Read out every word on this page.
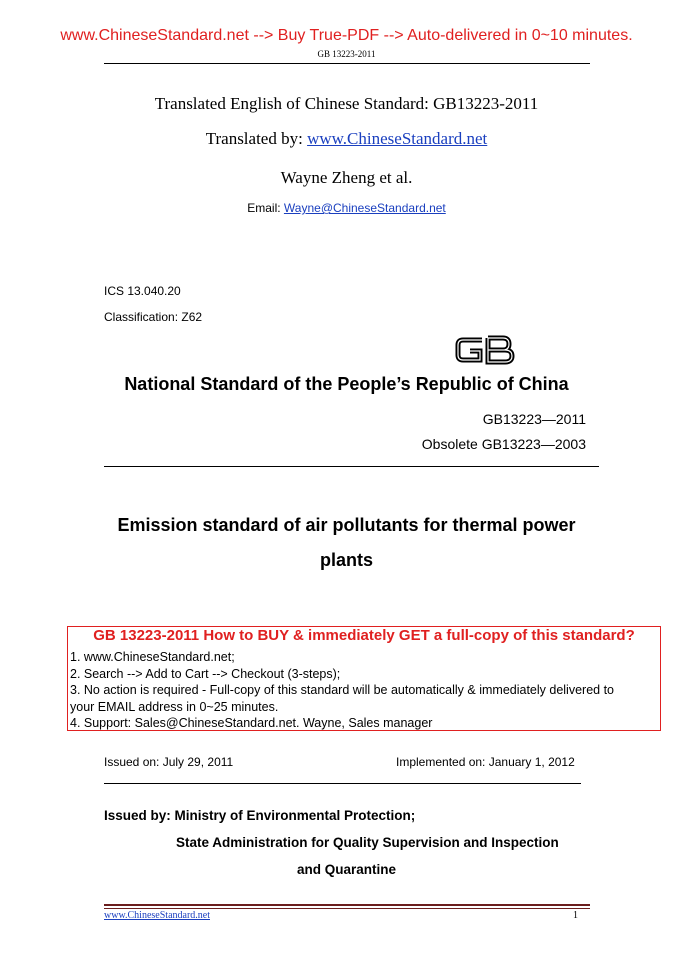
www.ChineseStandard.net --> Buy True-PDF --> Auto-delivered in 0~10 minutes.
GB 13223-2011
Translated English of Chinese Standard: GB13223-2011
Translated by: www.ChineseStandard.net
Wayne Zheng et al.
Email: Wayne@ChineseStandard.net
ICS 13.040.20
Classification: Z62
National Standard of the People’s Republic of China
GB13223—2011
Obsolete GB13223—2003
Emission standard of air pollutants for thermal power
plants
GB 13223-2011 How to BUY & immediately GET a full-copy of this standard?
1. www.ChineseStandard.net;
2. Search --> Add to Cart --> Checkout (3-steps);
3. No action is required - Full-copy of this standard will be automatically & immediately delivered to
your EMAIL address in 0~25 minutes.
4. Support: Sales@ChineseStandard.net. Wayne, Sales manager
Issued on: July 29, 2011	Implemented on: January 1, 2012
Issued by: Ministry of Environmental Protection;
State Administration for Quality Supervision and Inspection
and Quarantine
www.ChineseStandard.net	1
